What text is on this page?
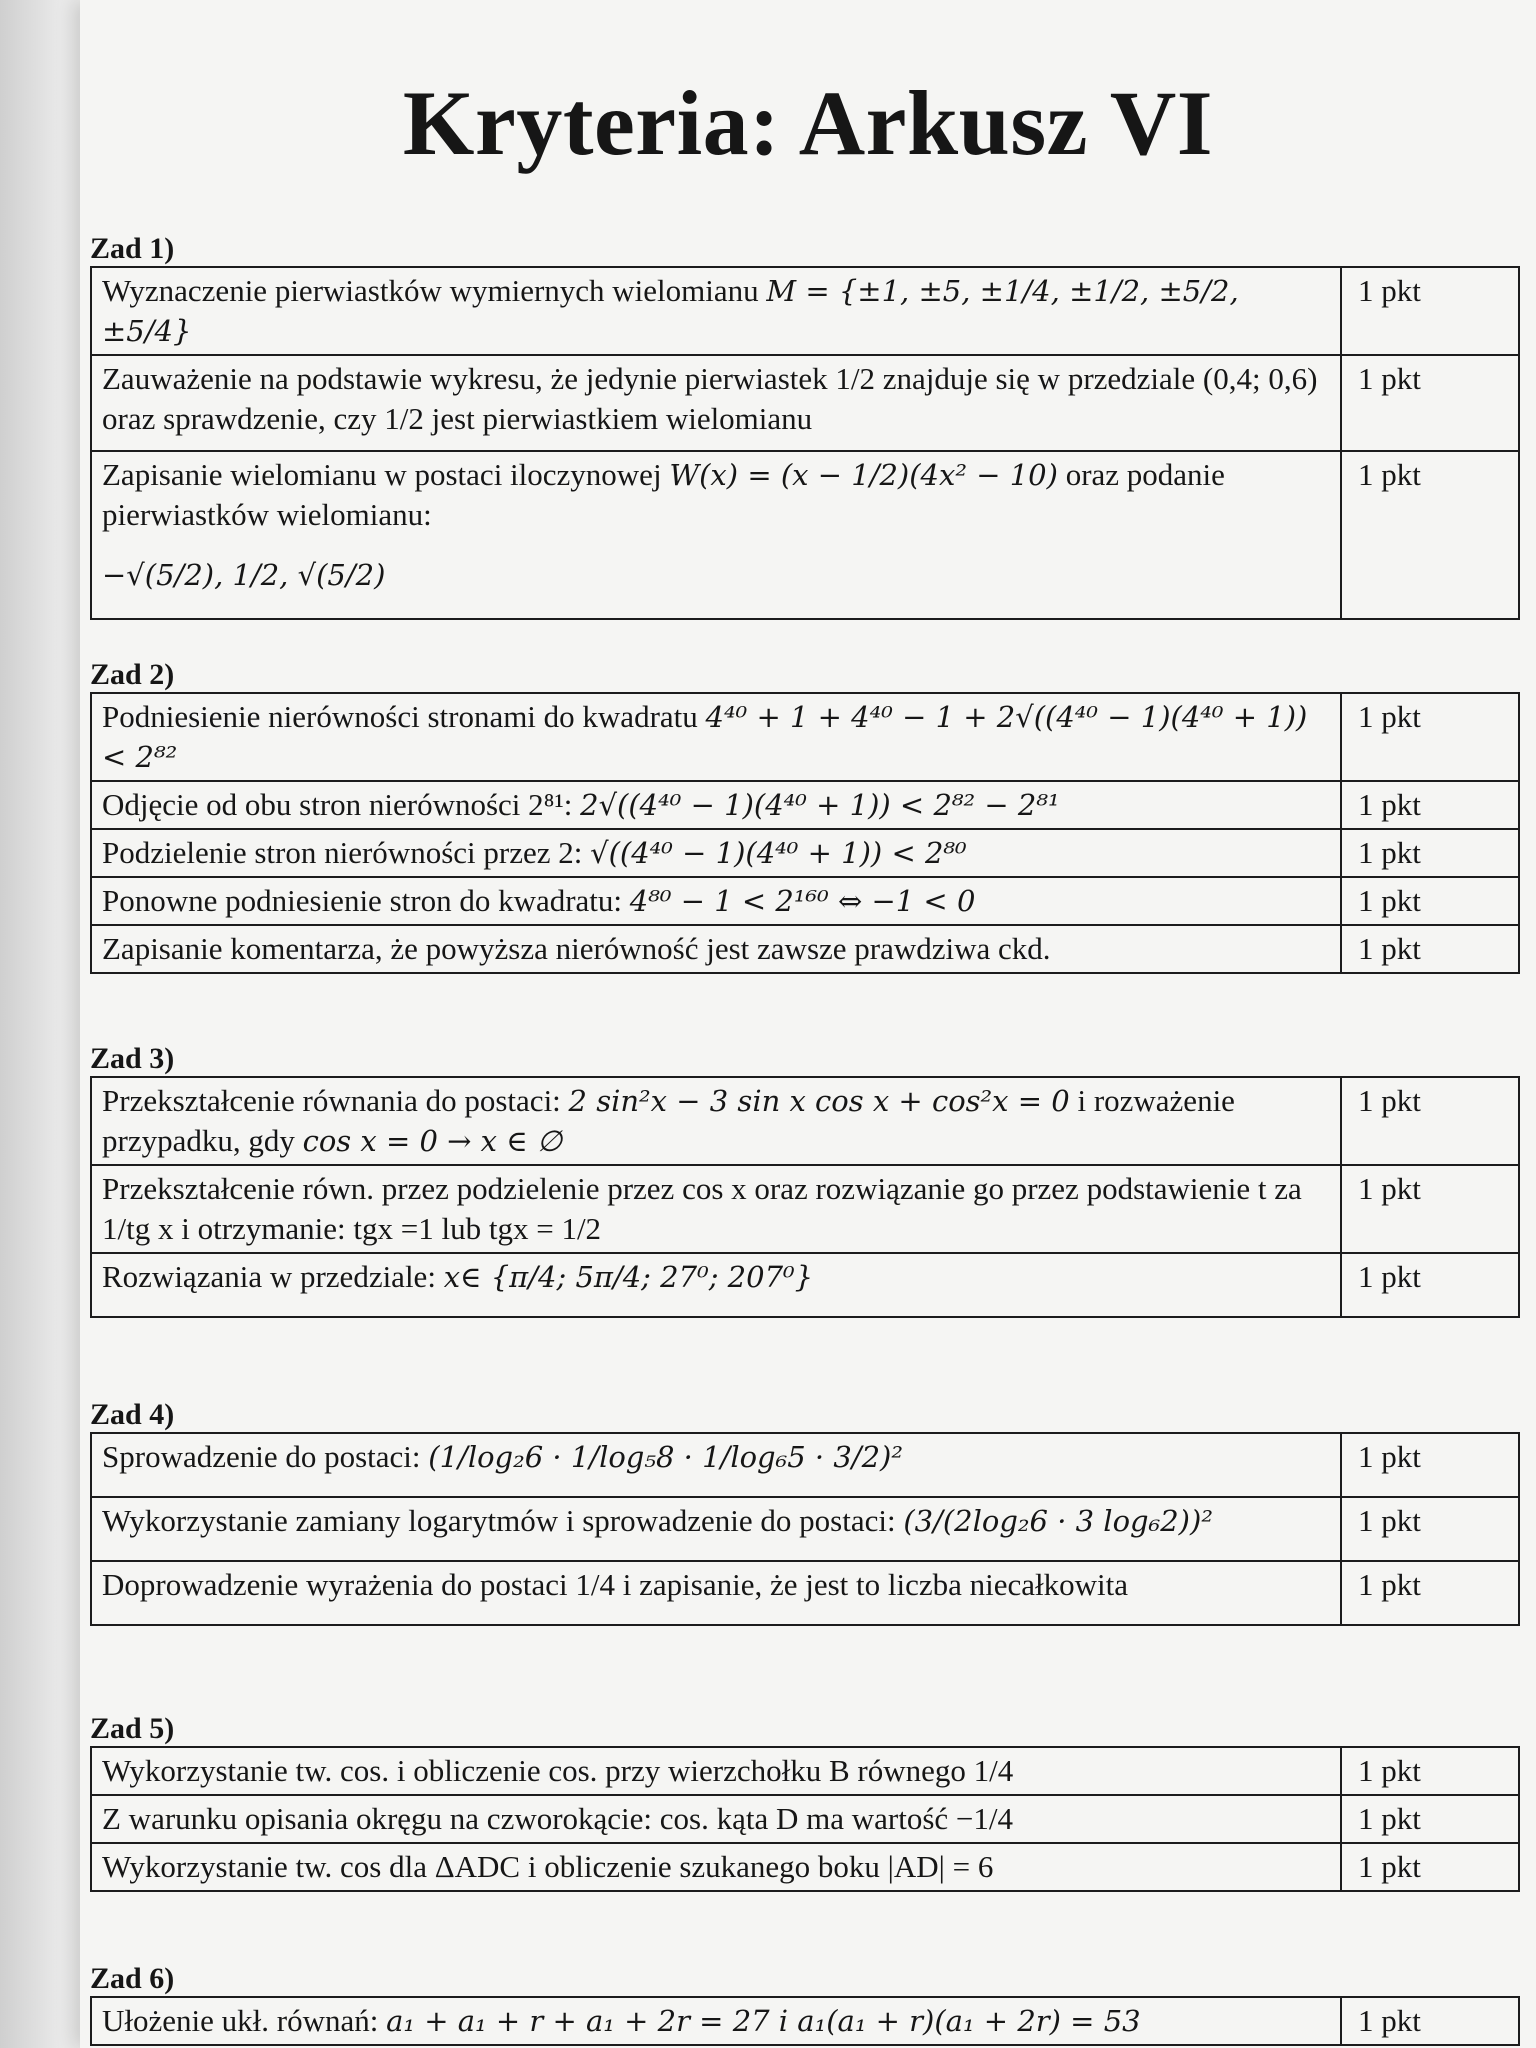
Kryteria: Arkusz VI
Zad 1)
Wyznaczenie pierwiastków wymiernych wielomianu M = {±1, ±5, ±1/4, ±1/2, ±5/2, ±5/4}	1 pkt
Zauważenie na podstawie wykresu, że jedynie pierwiastek 1/2 znajduje się w przedziale (0,4; 0,6) oraz sprawdzenie, czy 1/2 jest pierwiastkiem wielomianu	1 pkt
Zapisanie wielomianu w postaci iloczynowej W(x) = (x − 1/2)(4x² − 10) oraz podanie pierwiastków wielomianu:
−√(5/2), 1/2, √(5/2)	1 pkt
Zad 2)
Podniesienie nierówności stronami do kwadratu 4⁴⁰ + 1 + 4⁴⁰ − 1 + 2√((4⁴⁰ − 1)(4⁴⁰ + 1)) < 2⁸²	1 pkt
Odjęcie od obu stron nierówności 2⁸¹: 2√((4⁴⁰ − 1)(4⁴⁰ + 1)) < 2⁸² − 2⁸¹	1 pkt
Podzielenie stron nierówności przez 2: √((4⁴⁰ − 1)(4⁴⁰ + 1)) < 2⁸⁰	1 pkt
Ponowne podniesienie stron do kwadratu: 4⁸⁰ − 1 < 2¹⁶⁰ ⇔ −1 < 0	1 pkt
Zapisanie komentarza, że powyższa nierówność jest zawsze prawdziwa ckd.	1 pkt
Zad 3)
Przekształcenie równania do postaci: 2 sin²x − 3 sin x cos x + cos²x = 0 i rozważenie przypadku, gdy cos x = 0 → x ∈ ∅	1 pkt
Przekształcenie równ. przez podzielenie przez cos x oraz rozwiązanie go przez podstawienie t za 1/tg x i otrzymanie: tgx =1 lub tgx = 1/2	1 pkt
Rozwiązania w przedziale: x∈ {π/4; 5π/4; 27⁰; 207⁰}	1 pkt
Zad 4)
Sprowadzenie do postaci: (1/log₂6 · 1/log₅8 · 1/log₆5 · 3/2)²	1 pkt
Wykorzystanie zamiany logarytmów i sprowadzenie do postaci: (3/(2log₂6 · 3 log₆2))²	1 pkt
Doprowadzenie wyrażenia do postaci 1/4 i zapisanie, że jest to liczba niecałkowita	1 pkt
Zad 5)
Wykorzystanie tw. cos. i obliczenie cos. przy wierzchołku B równego 1/4	1 pkt
Z warunku opisania okręgu na czworokącie: cos. kąta D ma wartość −1/4	1 pkt
Wykorzystanie tw. cos dla ΔADC i obliczenie szukanego boku |AD| = 6	1 pkt
Zad 6)
Ułożenie ukł. równań: a₁ + a₁ + r + a₁ + 2r = 27 i a₁(a₁ + r)(a₁ + 2r) = 53	1 pkt
